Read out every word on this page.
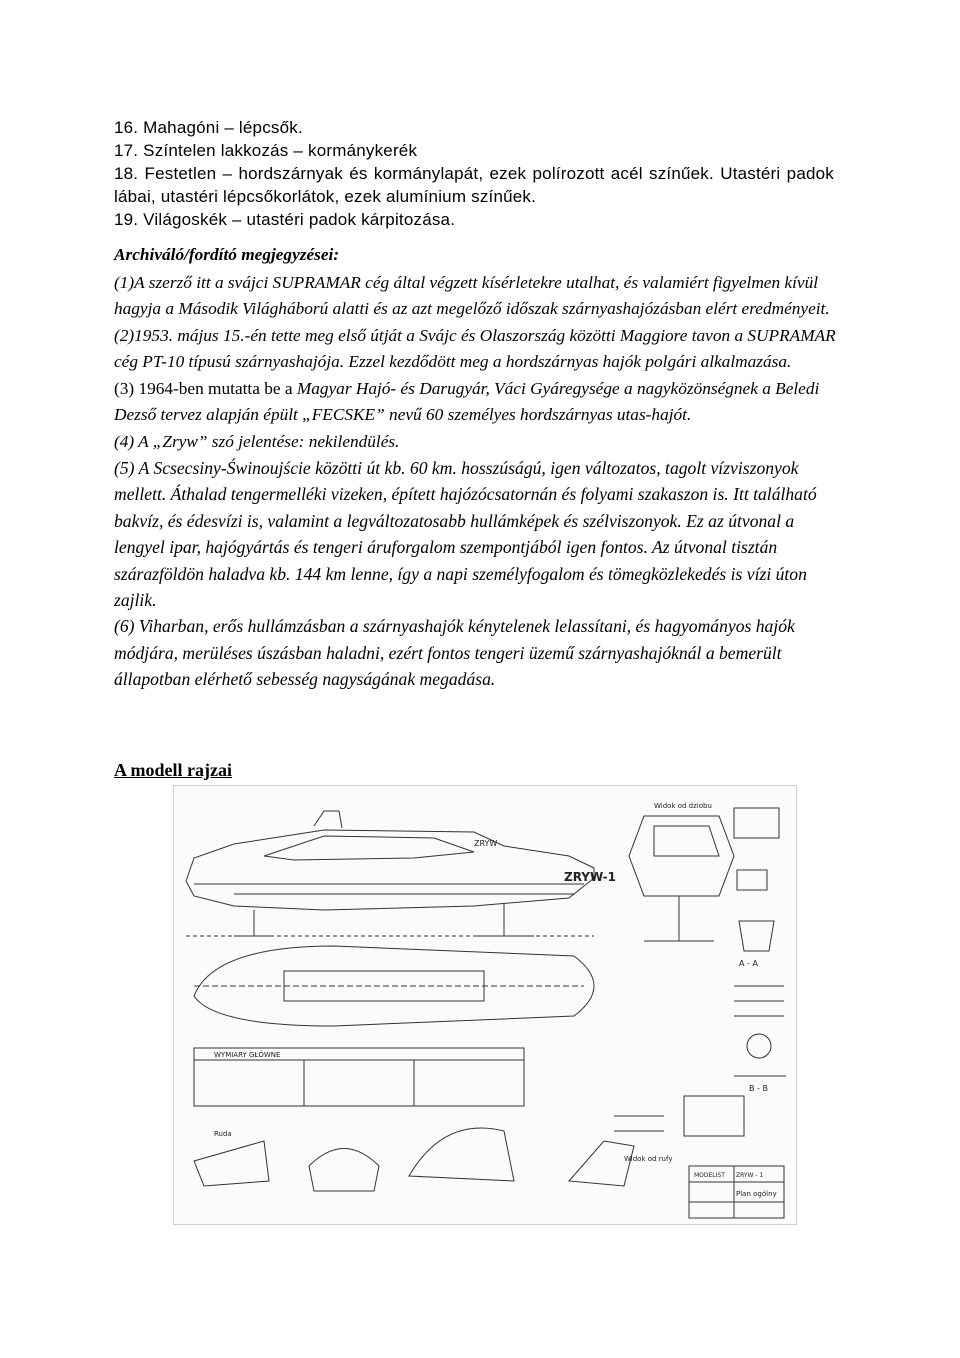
16. Mahagóni – lépcsők.

17. Színtelen lakkozás – kormánykerék

18. Festetlen – hordszárnyak és kormánylapát, ezek polírozott acél színűek. Utastéri padok lábai, utastéri lépcsőkorlátok, ezek alumínium színűek.

19. Világoskék – utastéri padok kárpitozása.

Archiváló/fordító megjegyzései:

(1)A szerző itt a svájci SUPRAMAR cég által végzett kísérletekre utalhat, és valamiért figyelmen kívül hagyja a Második Világháború alatti és az azt megelőző időszak szárnyashajózásban elért eredményeit.

(2)1953. május 15.-én tette meg első útját a Svájc és Olaszország közötti Maggiore tavon a SUPRAMAR cég PT-10 típusú szárnyashajója. Ezzel kezdődött meg a hordszárnyas hajók polgári alkalmazása.

(3) 1964-ben mutatta be a Magyar Hajó- és Darugyár, Váci Gyáregysége a nagyközönségnek a Beledi Dezső tervez alapján épült „FECSKE” nevű 60 személyes hordszárnyas utas-hajót.

(4) A „Zryw” szó jelentése: nekilendülés.

(5) A Scsecsiny-Świnoujście közötti út kb. 60 km. hosszúságú, igen változatos, tagolt vízviszonyok mellett. Áthalad tengermelléki vizeken, épített hajózócsatornán és folyami szakaszon is. Itt található bakvíz, és édesvízi is, valamint a legváltozatosabb hullámképek és szélviszonyok. Ez az útvonal a lengyel ipar, hajógyártás és tengeri áruforgalom szempontjából igen fontos. Az útvonal tisztán szárazföldön haladva kb. 144 km lenne, így a napi személyfogalom és tömegközlekedés is vízi úton zajlik.

(6) Viharban, erős hullámzásban a szárnyashajók kénytelenek lelassítani, és hagyományos hajók módjára, merüléses úszásban haladni, ezért fontos tengeri üzemű szárnyashajóknál a bemerült állapotban elérhető sebesség nagyságának megadása.

A modell rajzai
ZRYW-1
ZRYW
Widok od dziobu
A - A
B - B
WYMIARY GŁÓWNE
Ruda
Widok od rufy
MODELIST ZRYW - 1
Plan ogólny
